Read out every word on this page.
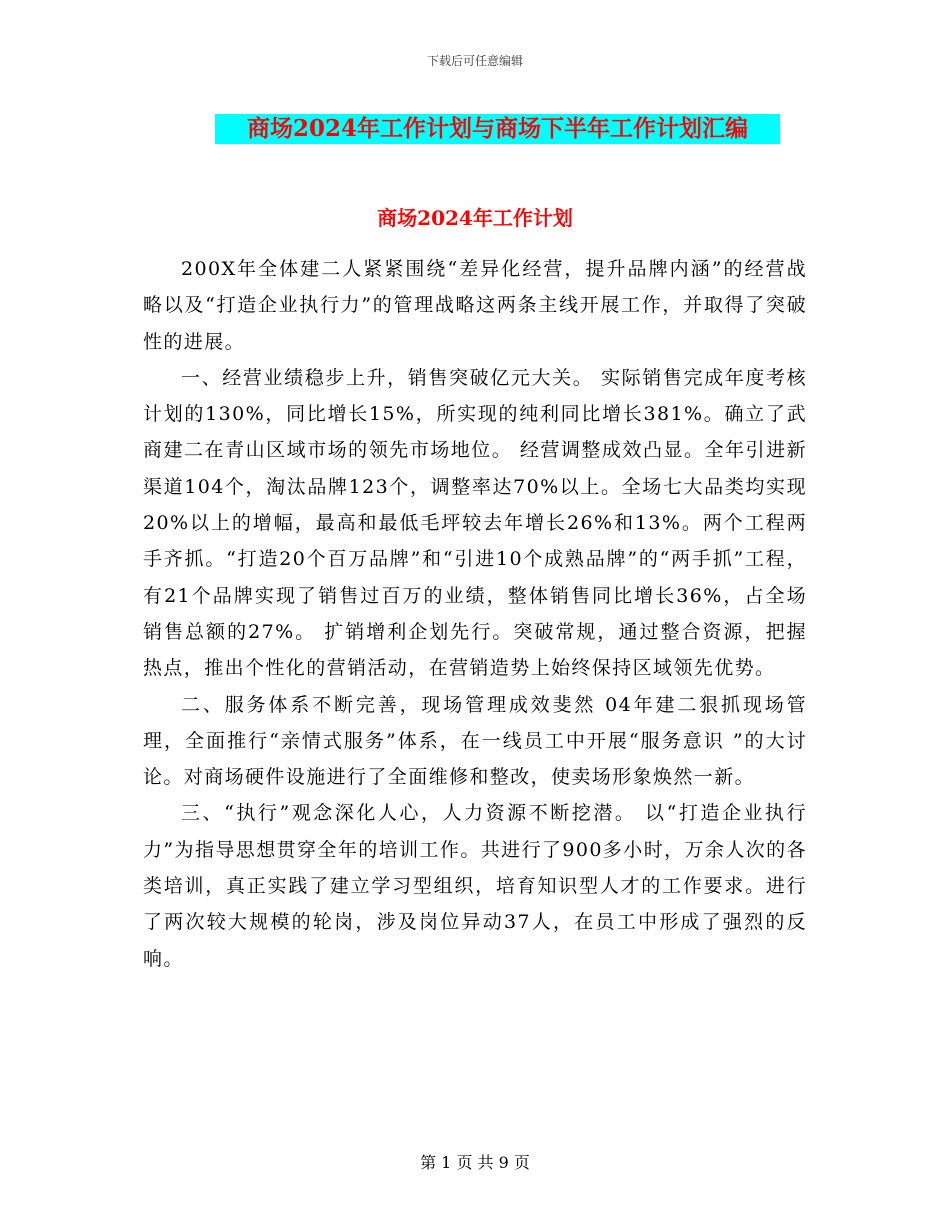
下载后可任意编辑
商场2024年工作计划与商场下半年工作计划汇编
商场2024年工作计划

200X年全体建二人紧紧围绕“差异化经营，提升品牌内涵”的经营战略以及“打造企业执行力”的管理战略这两条主线开展工作，并取得了突破性的进展。

一、经营业绩稳步上升，销售突破亿元大关。 实际销售完成年度考核计划的130%，同比增长15%，所实现的纯利同比增长381%。确立了武商建二在青山区域市场的领先市场地位。 经营调整成效凸显。全年引进新渠道104个，淘汰品牌123个，调整率达70%以上。全场七大品类均实现20%以上的增幅，最高和最低毛坪较去年增长26%和13%。两个工程两手齐抓。“打造20个百万品牌”和“引进10个成熟品牌”的“两手抓”工程，有21个品牌实现了销售过百万的业绩，整体销售同比增长36%，占全场销售总额的27%。 扩销增利企划先行。突破常规，通过整合资源，把握热点，推出个性化的营销活动，在营销造势上始终保持区域领先优势。

二、服务体系不断完善，现场管理成效斐然 04年建二狠抓现场管理，全面推行“亲情式服务”体系，在一线员工中开展“服务意识 ”的大讨论。对商场硬件设施进行了全面维修和整改，使卖场形象焕然一新。

三、“执行”观念深化人心，人力资源不断挖潜。 以“打造企业执行力”为指导思想贯穿全年的培训工作。共进行了900多小时，万余人次的各类培训，真正实践了建立学习型组织，培育知识型人才的工作要求。进行了两次较大规模的轮岗，涉及岗位异动37人，在员工中形成了强烈的反响。

第 1 页 共 9 页
